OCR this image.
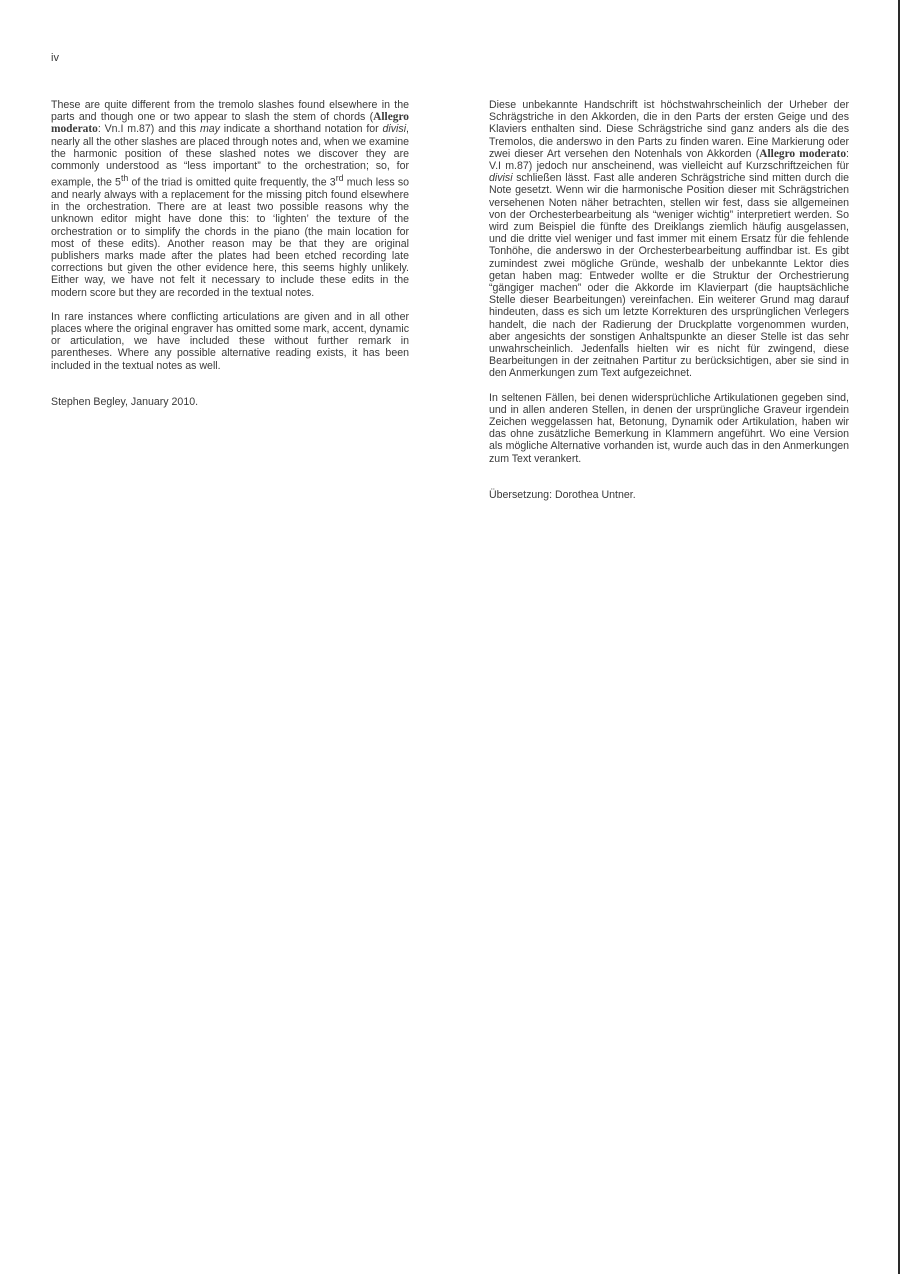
iv

These are quite different from the tremolo slashes found elsewhere in the parts and though one or two appear to slash the stem of chords (Allegro moderato: Vn.I m.87) and this may indicate a shorthand notation for divisi, nearly all the other slashes are placed through notes and, when we examine the harmonic position of these slashed notes we discover they are commonly understood as “less important” to the orchestration; so, for example, the 5th of the triad is omitted quite frequently, the 3rd much less so and nearly always with a replacement for the missing pitch found elsewhere in the orchestration. There are at least two possible reasons why the unknown editor might have done this: to ‘lighten’ the texture of the orchestration or to simplify the chords in the piano (the main location for most of these edits). Another reason may be that they are original publishers marks made after the plates had been etched recording late corrections but given the other evidence here, this seems highly unlikely. Either way, we have not felt it necessary to include these edits in the modern score but they are recorded in the textual notes.

In rare instances where conflicting articulations are given and in all other places where the original engraver has omitted some mark, accent, dynamic or articulation, we have included these without further remark in parentheses. Where any possible alternative reading exists, it has been included in the textual notes as well.

Stephen Begley, January 2010.

Diese unbekannte Handschrift ist höchstwahrscheinlich der Urheber der Schrägstriche in den Akkorden, die in den Parts der ersten Geige und des Klaviers enthalten sind. Diese Schrägstriche sind ganz anders als die des Tremolos, die anderswo in den Parts zu finden waren. Eine Markierung oder zwei dieser Art versehen den Notenhals von Akkorden (Allegro moderato: V.I m.87) jedoch nur anscheinend, was vielleicht auf Kurzschriftzeichen für divisi schließen lässt. Fast alle anderen Schrägstriche sind mitten durch die Note gesetzt. Wenn wir die harmonische Position dieser mit Schrägstrichen versehenen Noten näher betrachten, stellen wir fest, dass sie allgemeinen von der Orchesterbearbeitung als “weniger wichtig” interpretiert werden. So wird zum Beispiel die fünfte des Dreiklangs ziemlich häufig ausgelassen, und die dritte viel weniger und fast immer mit einem Ersatz für die fehlende Tonhöhe, die anderswo in der Orchesterbearbeitung auffindbar ist. Es gibt zumindest zwei mögliche Gründe, weshalb der unbekannte Lektor dies getan haben mag: Entweder wollte er die Struktur der Orchestrierung “gängiger machen” oder die Akkorde im Klavierpart (die hauptsächliche Stelle dieser Bearbeitungen) vereinfachen. Ein weiterer Grund mag darauf hindeuten, dass es sich um letzte Korrekturen des ursprünglichen Verlegers handelt, die nach der Radierung der Druckplatte vorgenommen wurden, aber angesichts der sonstigen Anhaltspunkte an dieser Stelle ist das sehr unwahrscheinlich. Jedenfalls hielten wir es nicht für zwingend, diese Bearbeitungen in der zeitnahen Partitur zu berücksichtigen, aber sie sind in den Anmerkungen zum Text aufgezeichnet.

In seltenen Fällen, bei denen widersprüchliche Artikulationen gegeben sind, und in allen anderen Stellen, in denen der ursprüngliche Graveur irgendein Zeichen weggelassen hat, Betonung, Dynamik oder Artikulation, haben wir das ohne zusätzliche Bemerkung in Klammern angeführt. Wo eine Version als mögliche Alternative vorhanden ist, wurde auch das in den Anmerkungen zum Text verankert.

Übersetzung: Dorothea Untner.
